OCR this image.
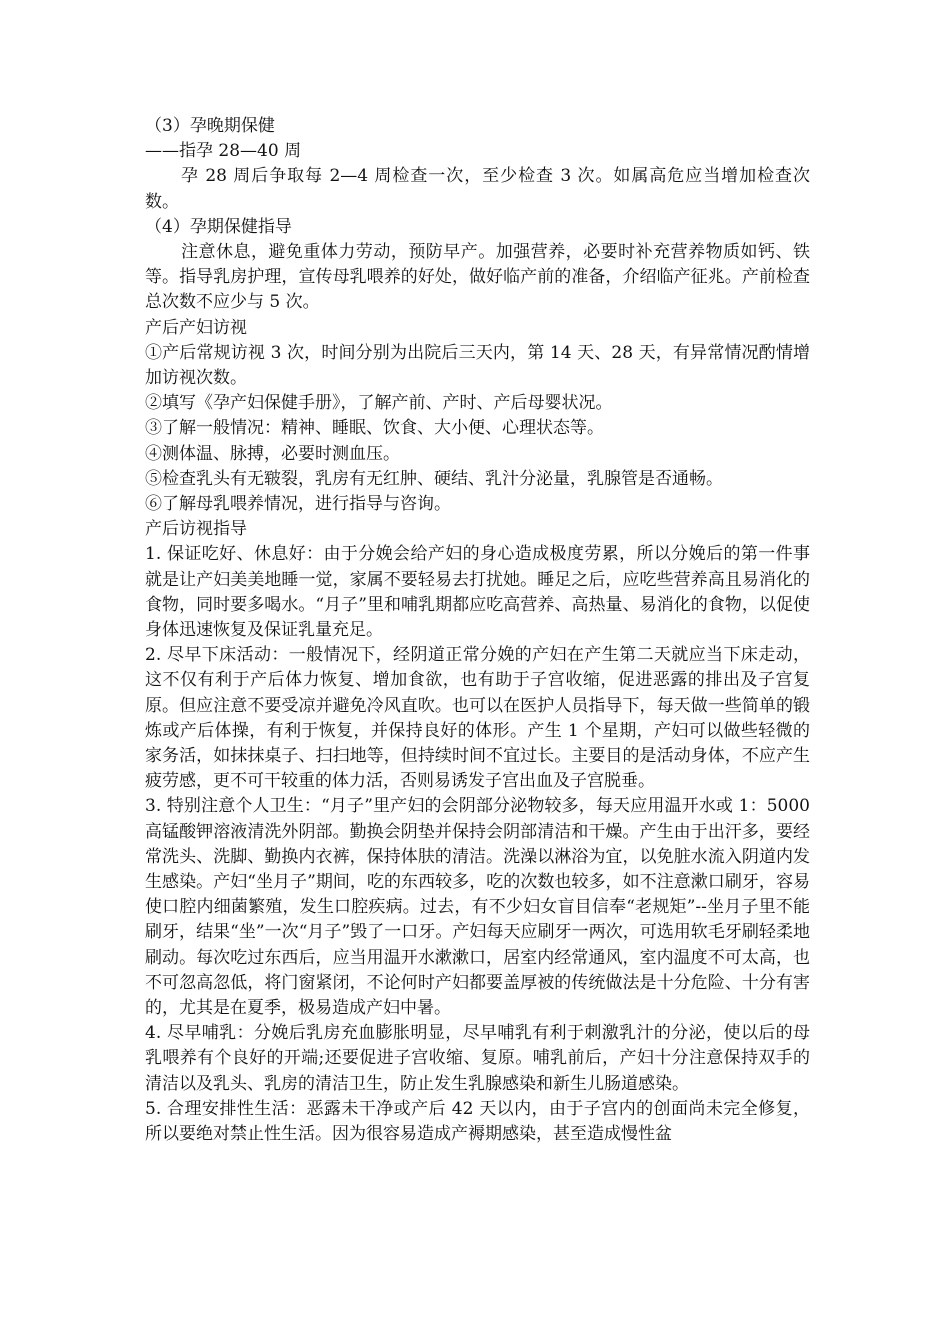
（3）孕晚期保健
——指孕 28—40 周
孕 28 周后争取每 2—4 周检查一次，至少检查 3 次。如属高危应当增加检查次数。
（4）孕期保健指导
注意休息，避免重体力劳动，预防早产。加强营养，必要时补充营养物质如钙、铁等。指导乳房护理，宣传母乳喂养的好处，做好临产前的准备，介绍临产征兆。产前检查总次数不应少与 5 次。
产后产妇访视
①产后常规访视 3 次，时间分别为出院后三天内，第 14 天、28 天，有异常情况酌情增加访视次数。
②填写《孕产妇保健手册》，了解产前、产时、产后母婴状况。
③了解一般情况：精神、睡眠、饮食、大小便、心理状态等。
④测体温、脉搏，必要时测血压。
⑤检查乳头有无皲裂，乳房有无红肿、硬结、乳汁分泌量，乳腺管是否通畅。
⑥了解母乳喂养情况，进行指导与咨询。
产后访视指导
1. 保证吃好、休息好：由于分娩会给产妇的身心造成极度劳累，所以分娩后的第一件事就是让产妇美美地睡一觉，家属不要轻易去打扰她。睡足之后，应吃些营养高且易消化的食物，同时要多喝水。“月子”里和哺乳期都应吃高营养、高热量、易消化的食物，以促使身体迅速恢复及保证乳量充足。
2. 尽早下床活动：一般情况下，经阴道正常分娩的产妇在产生第二天就应当下床走动，这不仅有利于产后体力恢复、增加食欲，也有助于子宫收缩，促进恶露的排出及子宫复原。但应注意不要受凉并避免冷风直吹。也可以在医护人员指导下，每天做一些简单的锻炼或产后体操，有利于恢复，并保持良好的体形。产生 1 个星期，产妇可以做些轻微的家务活，如抹抹桌子、扫扫地等，但持续时间不宜过长。主要目的是活动身体，不应产生疲劳感，更不可干较重的体力活，否则易诱发子宫出血及子宫脱垂。
3. 特别注意个人卫生：“月子”里产妇的会阴部分泌物较多，每天应用温开水或 1：5000 高锰酸钾溶液清洗外阴部。勤换会阴垫并保持会阴部清洁和干燥。产生由于出汗多，要经常洗头、洗脚、勤换内衣裤，保持体肤的清洁。洗澡以淋浴为宜，以免脏水流入阴道内发生感染。产妇“坐月子”期间，吃的东西较多，吃的次数也较多，如不注意漱口刷牙，容易使口腔内细菌繁殖，发生口腔疾病。过去，有不少妇女盲目信奉“老规矩”--坐月子里不能刷牙，结果“坐”一次“月子”毁了一口牙。产妇每天应刷牙一两次，可选用软毛牙刷轻柔地刷动。每次吃过东西后，应当用温开水漱漱口，居室内经常通风，室内温度不可太高，也不可忽高忽低，将门窗紧闭，不论何时产妇都要盖厚被的传统做法是十分危险、十分有害的，尤其是在夏季，极易造成产妇中暑。
4. 尽早哺乳：分娩后乳房充血膨胀明显，尽早哺乳有利于刺激乳汁的分泌，使以后的母乳喂养有个良好的开端;还要促进子宫收缩、复原。哺乳前后，产妇十分注意保持双手的清洁以及乳头、乳房的清洁卫生，防止发生乳腺感染和新生儿肠道感染。
5. 合理安排性生活：恶露未干净或产后 42 天以内，由于子宫内的创面尚未完全修复，所以要绝对禁止性生活。因为很容易造成产褥期感染，甚至造成慢性盆
